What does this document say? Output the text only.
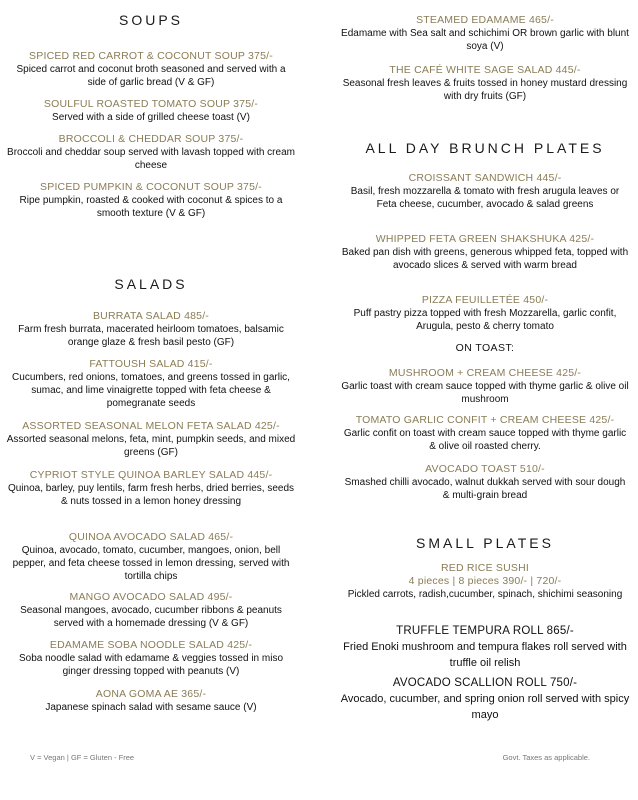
SOUPS
SPICED RED CARROT & COCONUT SOUP 375/-
Spiced carrot and coconut broth seasoned and served with a side of garlic bread (V & GF)
SOULFUL ROASTED TOMATO SOUP 375/-
Served with a side of grilled cheese toast (V)
BROCCOLI & CHEDDAR SOUP 375/-
Broccoli and cheddar soup served with lavash topped with cream cheese
SPICED PUMPKIN & COCONUT SOUP 375/-
Ripe pumpkin, roasted & cooked with coconut & spices to a smooth texture (V & GF)
SALADS
BURRATA SALAD 485/-
Farm fresh burrata, macerated heirloom tomatoes, balsamic orange glaze & fresh basil pesto (GF)
FATTOUSH SALAD 415/-
Cucumbers, red onions, tomatoes, and greens tossed in garlic, sumac, and lime vinaigrette topped with feta cheese & pomegranate seeds
ASSORTED SEASONAL MELON FETA SALAD 425/-
Assorted seasonal melons, feta, mint, pumpkin seeds, and mixed greens (GF)
CYPRIOT STYLE QUINOA BARLEY SALAD 445/-
Quinoa, barley, puy lentils, farm fresh herbs, dried berries, seeds & nuts tossed in a lemon honey dressing
QUINOA AVOCADO SALAD 465/-
Quinoa, avocado, tomato, cucumber, mangoes, onion, bell pepper, and feta cheese tossed in lemon dressing, served with tortilla chips
MANGO AVOCADO SALAD 495/-
Seasonal mangoes, avocado, cucumber ribbons & peanuts served with a homemade dressing (V & GF)
EDAMAME SOBA NOODLE SALAD 425/-
Soba noodle salad with edamame & veggies tossed in miso ginger dressing topped with peanuts (V)
AONA GOMA AE 365/-
Japanese spinach salad with sesame sauce (V)
STEAMED EDAMAME 465/-
Edamame with Sea salt and schichimi OR brown garlic with blunt soya (V)
THE CAFÉ WHITE SAGE SALAD 445/-
Seasonal fresh leaves & fruits tossed in honey mustard dressing with dry fruits (GF)
ALL DAY BRUNCH PLATES
CROISSANT SANDWICH 445/-
Basil, fresh mozzarella & tomato with fresh arugula leaves or Feta cheese, cucumber, avocado & salad greens
WHIPPED FETA GREEN SHAKSHUKA 425/-
Baked pan dish with greens, generous whipped feta, topped with avocado slices & served with warm bread
PIZZA FEUILLETÉE 450/-
Puff pastry pizza topped with fresh Mozzarella, garlic confit, Arugula, pesto & cherry tomato
ON TOAST:
MUSHROOM + CREAM CHEESE 425/-
Garlic toast with cream sauce topped with thyme garlic & olive oil mushroom
TOMATO GARLIC CONFIT + CREAM CHEESE 425/-
Garlic confit on toast with cream sauce topped with thyme garlic & olive oil roasted cherry.
AVOCADO TOAST 510/-
Smashed chilli avocado, walnut dukkah served with sour dough & multi-grain bread
SMALL PLATES
RED RICE SUSHI
4 pieces | 8 pieces 390/- | 720/-
Pickled carrots, radish,cucumber, spinach, shichimi seasoning
TRUFFLE TEMPURA ROLL 865/-
Fried Enoki mushroom and tempura flakes roll served with truffle oil relish
AVOCADO SCALLION ROLL 750/-
Avocado, cucumber, and spring onion roll served with spicy mayo
V = Vegan | GF = Gluten - Free	Govt. Taxes as applicable.
